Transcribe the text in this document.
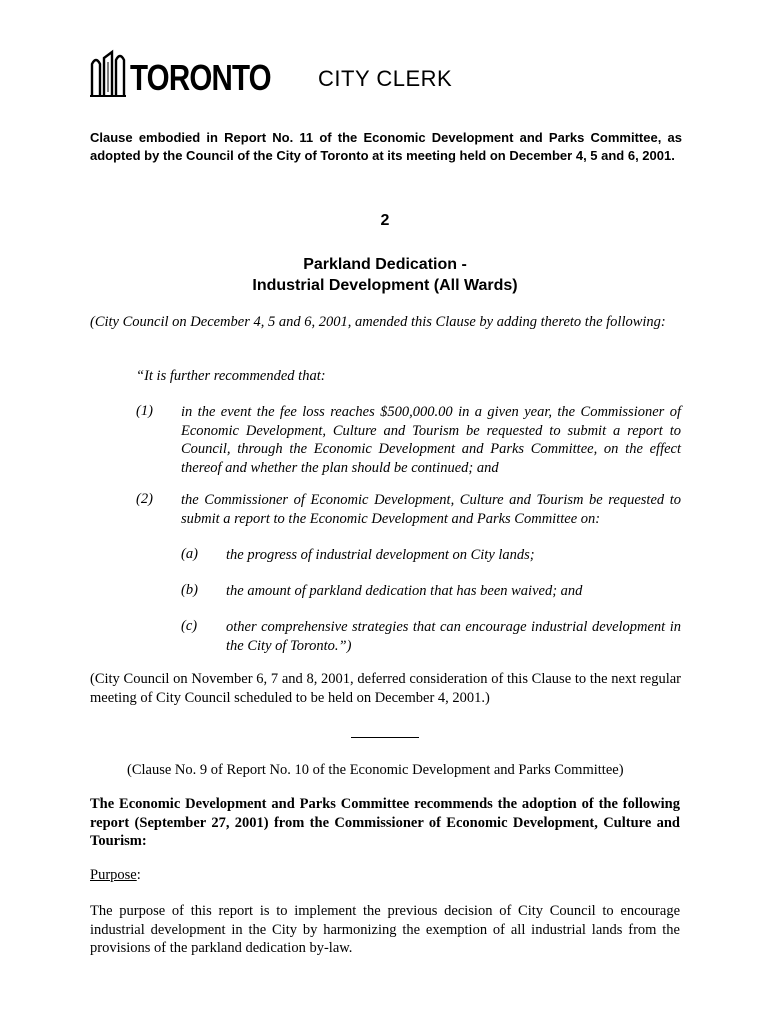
TORONTO CITY CLERK
Clause embodied in Report No. 11 of the Economic Development and Parks Committee, as adopted by the Council of the City of Toronto at its meeting held on December 4, 5 and 6, 2001.
2
Parkland Dedication -
Industrial Development (All Wards)
(City Council on December 4, 5 and 6, 2001, amended this Clause by adding thereto the following:
“It is further recommended that:
(1) in the event the fee loss reaches $500,000.00 in a given year, the Commissioner of Economic Development, Culture and Tourism be requested to submit a report to Council, through the Economic Development and Parks Committee, on the effect thereof and whether the plan should be continued; and
(2) the Commissioner of Economic Development, Culture and Tourism be requested to submit a report to the Economic Development and Parks Committee on:
(a) the progress of industrial development on City lands;
(b) the amount of parkland dedication that has been waived; and
(c) other comprehensive strategies that can encourage industrial development in the City of Toronto.”)
(City Council on November 6, 7 and 8, 2001, deferred consideration of this Clause to the next regular meeting of City Council scheduled to be held on December 4, 2001.)
(Clause No. 9 of Report No. 10 of the Economic Development and Parks Committee)
The Economic Development and Parks Committee recommends the adoption of the following report (September 27, 2001) from the Commissioner of Economic Development, Culture and Tourism:
Purpose:
The purpose of this report is to implement the previous decision of City Council to encourage industrial development in the City by harmonizing the exemption of all industrial lands from the provisions of the parkland dedication by-law.
